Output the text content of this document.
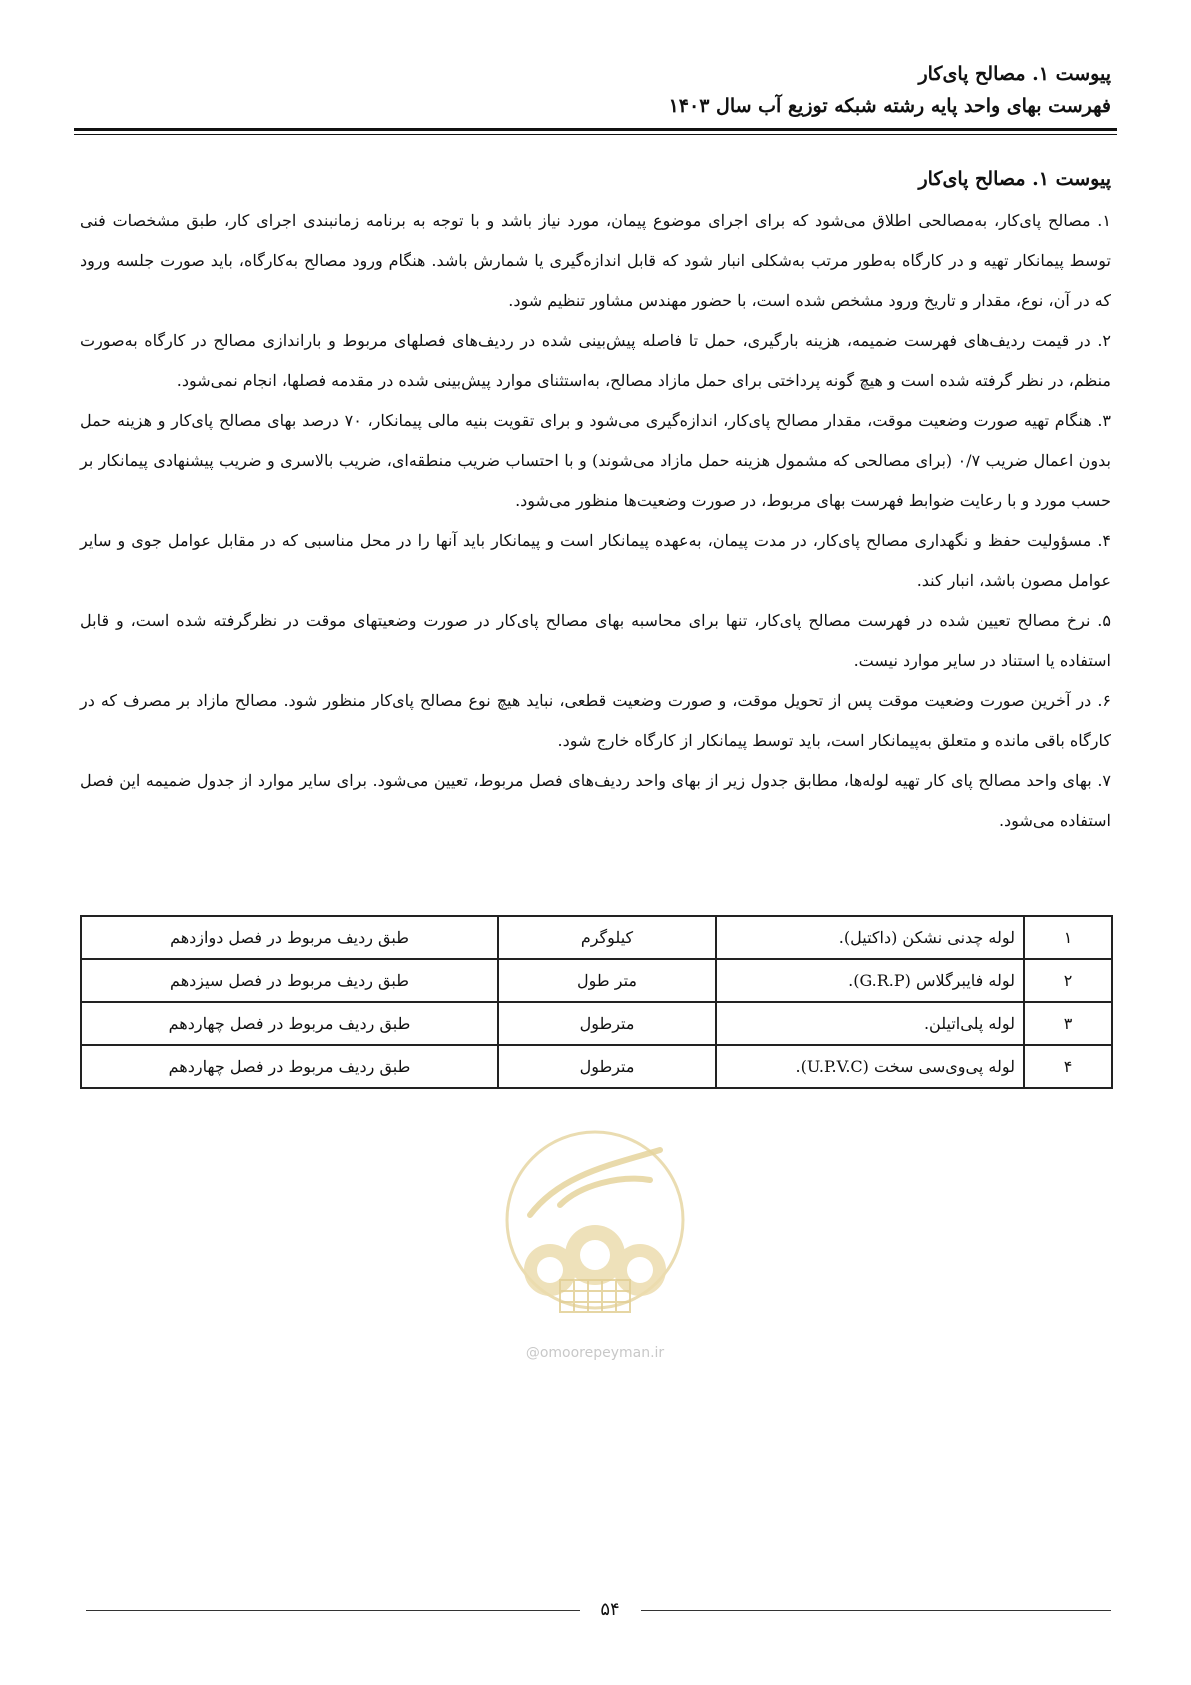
پیوست ۱. مصالح پای‌کار
فهرست بهای واحد پایه رشته شبکه توزیع آب سال ۱۴۰۳
پیوست ۱. مصالح پای‌کار

۱. مصالح پای‌کار، به‌مصالحی اطلاق می‌شود که برای اجرای موضوع پیمان، مورد نیاز باشد و با توجه به برنامه زمانبندی اجرای کار، طبق مشخصات فنی توسط پیمانکار تهیه و در کارگاه به‌طور مرتب به‌شکلی انبار شود که قابل اندازه‌گیری یا شمارش باشد. هنگام ورود مصالح به‌کارگاه، باید صورت جلسه ورود که در آن، نوع، مقدار و تاریخ ورود مشخص شده است، با حضور مهندس مشاور تنظیم شود.

۲. در قیمت ردیف‌های فهرست ضمیمه، هزینه بارگیری، حمل تا فاصله پیش‌بینی شده در ردیف‌های فصلهای مربوط و باراندازی مصالح در کارگاه به‌صورت منظم، در نظر گرفته شده است و هیچ گونه پرداختی برای حمل مازاد مصالح، به‌استثنای موارد پیش‌بینی شده در مقدمه فصلها، انجام نمی‌شود.

۳. هنگام تهیه صورت وضعیت موقت، مقدار مصالح پای‌کار، اندازه‌گیری می‌شود و برای تقویت بنیه مالی پیمانکار، ۷۰ درصد بهای مصالح پای‌کار و هزینه حمل بدون اعمال ضریب ۰/۷ (برای مصالحی که مشمول هزینه حمل مازاد می‌شوند) و با احتساب ضریب منطقه‌ای، ضریب بالاسری و ضریب پیشنهادی پیمانکار بر حسب مورد و با رعایت ضوابط فهرست بهای مربوط، در صورت وضعیت‌ها منظور می‌شود.

۴. مسؤولیت حفظ و نگهداری مصالح پای‌کار، در مدت پیمان، به‌عهده پیمانکار است و پیمانکار باید آنها را در محل مناسبی که در مقابل عوامل جوی و سایر عوامل مصون باشد، انبار کند.

۵. نرخ مصالح تعیین شده در فهرست مصالح پای‌کار، تنها برای محاسبه بهای مصالح پای‌کار در صورت وضعیتهای موقت در نظرگرفته شده است، و قابل استفاده یا استناد در سایر موارد نیست.

۶. در آخرین صورت وضعیت موقت پس از تحویل موقت، و صورت وضعیت قطعی، نباید هیچ نوع مصالح پای‌کار منظور شود. مصالح مازاد بر مصرف که در کارگاه باقی مانده و متعلق به‌پیمانکار است، باید توسط پیمانکار از کارگاه خارج شود.

۷. بهای واحد مصالح پای کار تهیه لوله‌ها، مطابق جدول زیر از بهای واحد ردیف‌های فصل مربوط، تعیین می‌شود. برای سایر موارد از جدول ضمیمه این فصل استفاده می‌شود.

۱	لوله چدنی نشکن (داکتیل).	کیلوگرم	طبق ردیف مربوط در فصل دوازدهم
۲	لوله فایبرگلاس (G.R.P).	متر طول	طبق ردیف مربوط در فصل سیزدهم
۳	لوله پلی‌اتیلن.	مترطول	طبق ردیف مربوط در فصل چهاردهم
۴	لوله پی‌وی‌سی سخت (U.P.V.C).	مترطول	طبق ردیف مربوط در فصل چهاردهم
@omoorepeyman.ir
۵۴
